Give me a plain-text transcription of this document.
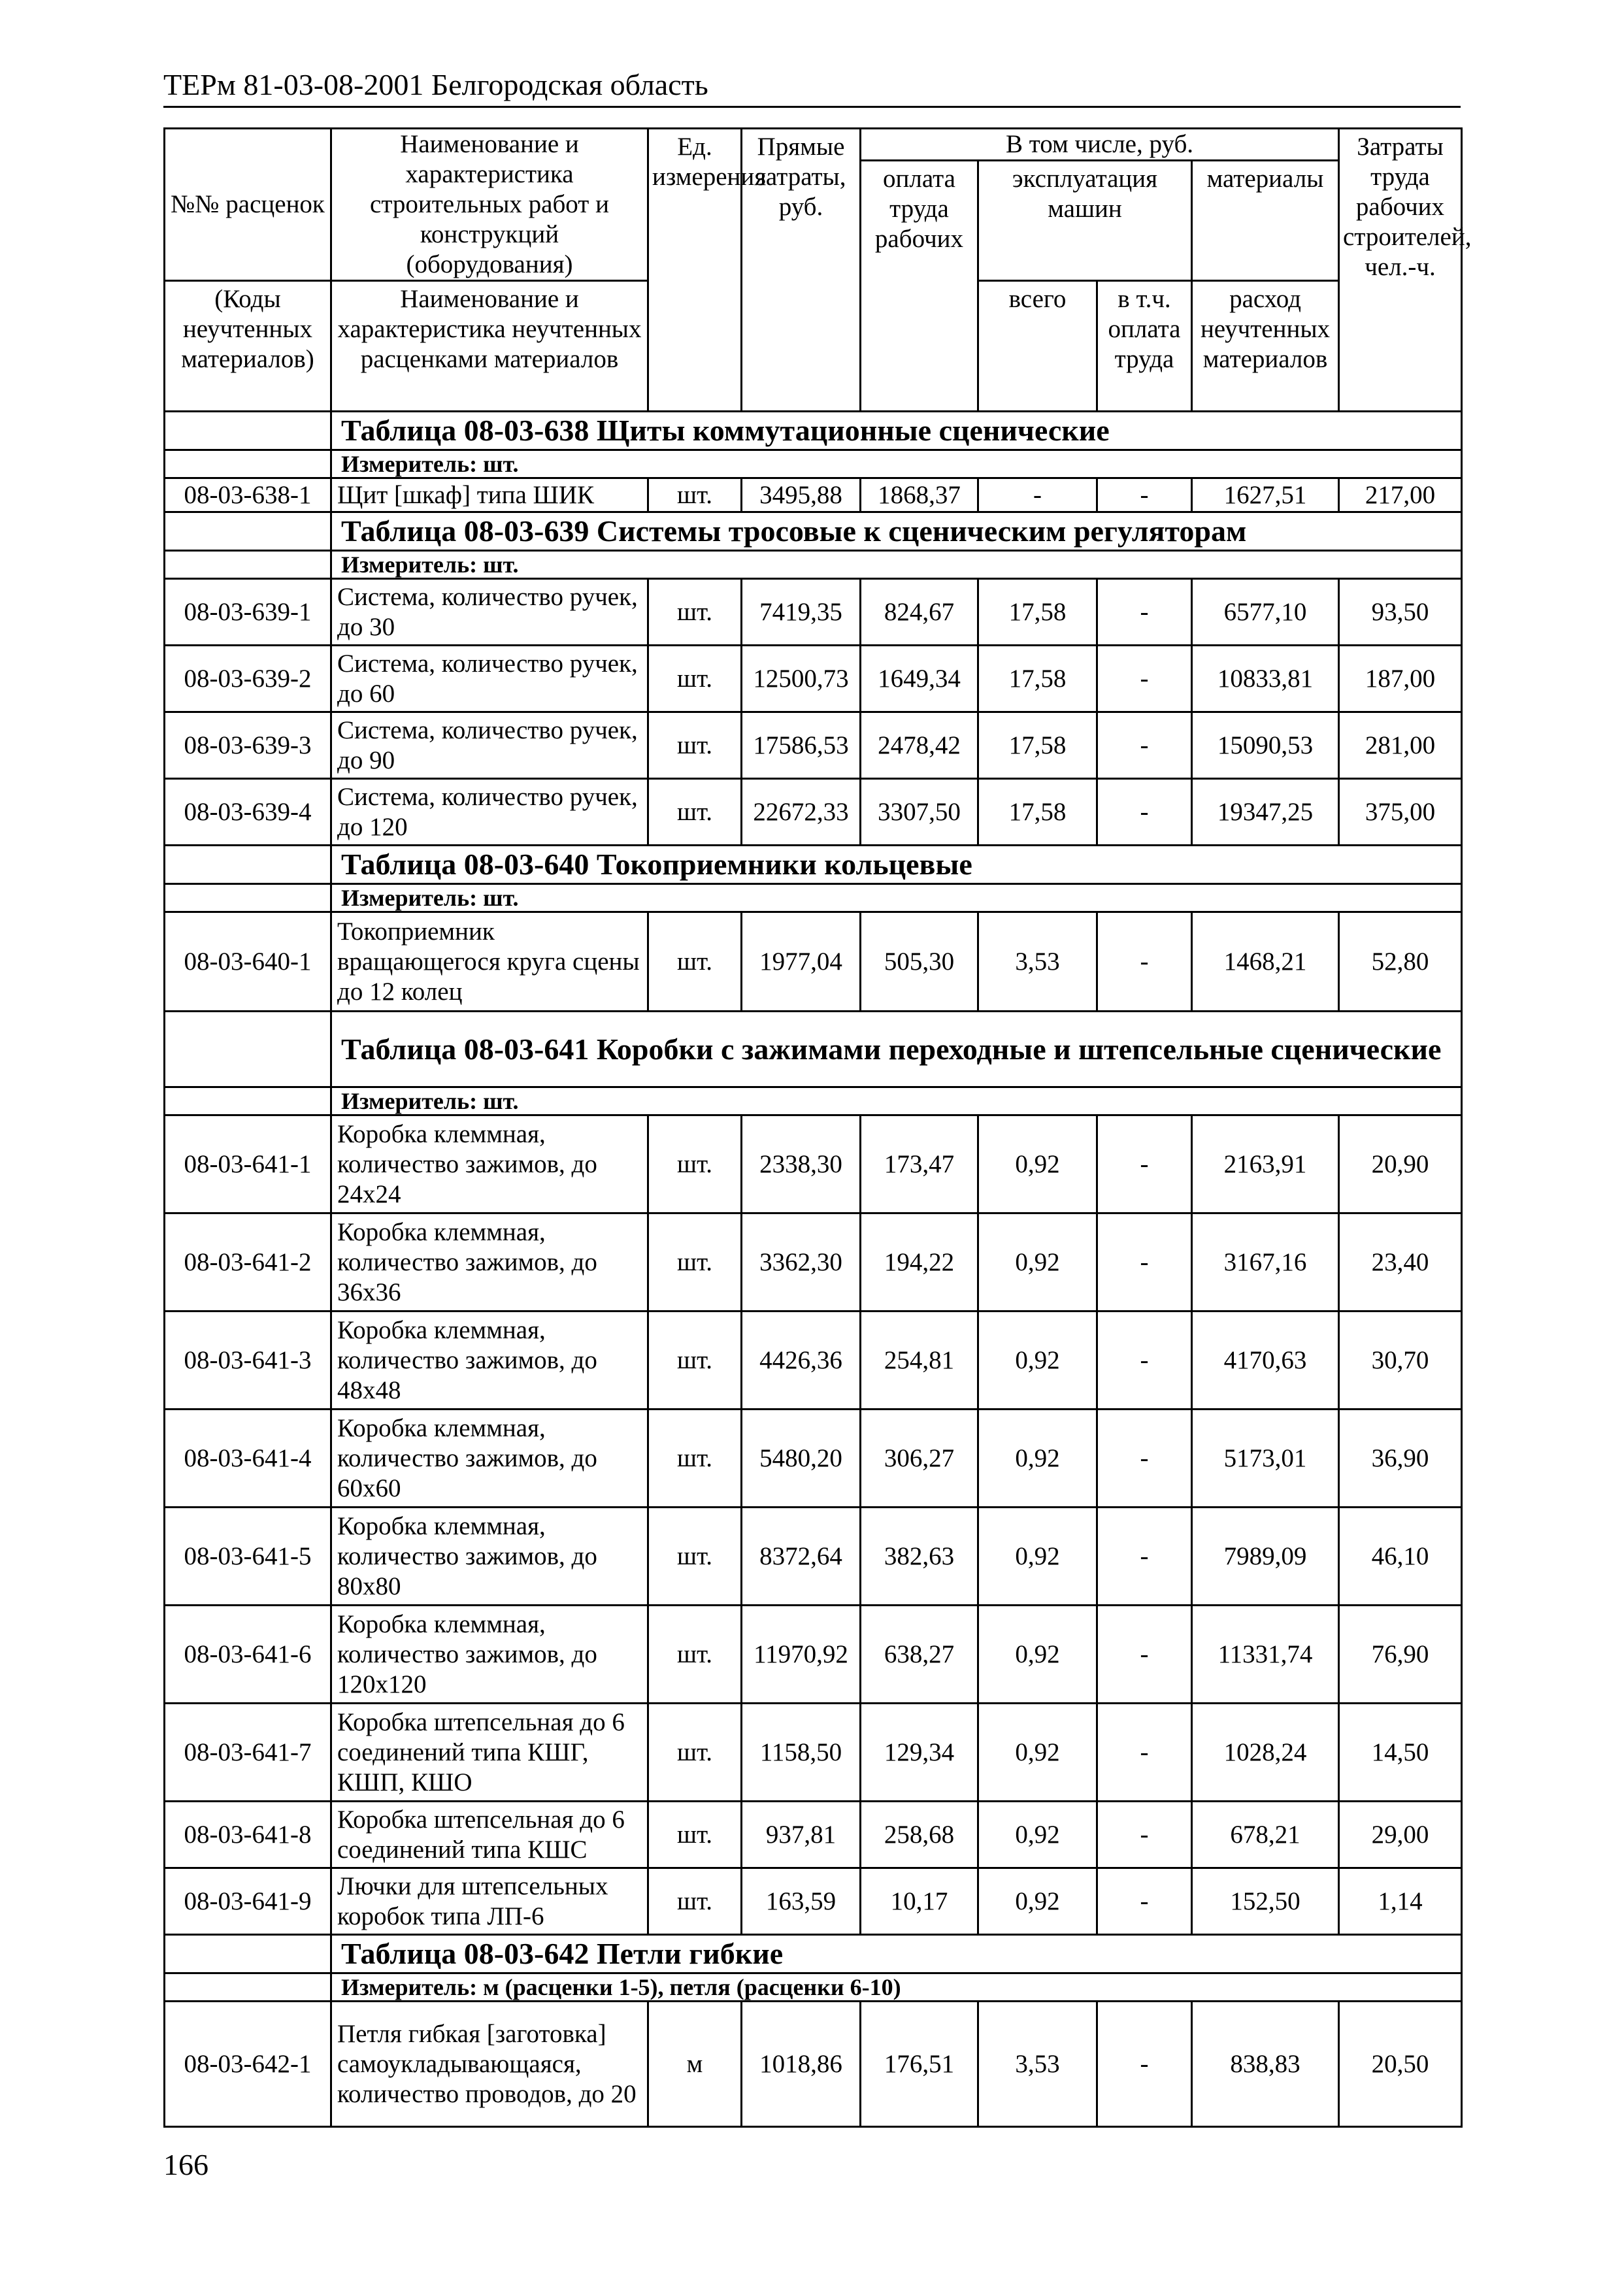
ТЕРм 81-03-08-2001 Белгородская область
№№ расценок	Наименование и характеристика строительных работ и конструкций (оборудования)	Ед. измерения	Прямые затраты, руб.	В том числе, руб.				Затраты труда рабочих строителей, чел.-ч.
				оплата труда рабочих	эксплуатация машин		материалы	
(Коды неучтенных материалов)	Наименование и характеристика неучтенных расценками материалов				всего	в т.ч. оплата труда	расход неучтенных материалов	
	Таблица 08-03-638 Щиты коммутационные сценические							
	Измеритель: шт.							
08-03-638-1	Щит [шкаф] типа ШИК	шт.	3495,88	1868,37	-	-	1627,51	217,00
	Таблица 08-03-639 Системы тросовые к сценическим регуляторам							
	Измеритель: шт.							
08-03-639-1	Система, количество ручек, до 30	шт.	7419,35	824,67	17,58	-	6577,10	93,50
08-03-639-2	Система, количество ручек, до 60	шт.	12500,73	1649,34	17,58	-	10833,81	187,00
08-03-639-3	Система, количество ручек, до 90	шт.	17586,53	2478,42	17,58	-	15090,53	281,00
08-03-639-4	Система, количество ручек, до 120	шт.	22672,33	3307,50	17,58	-	19347,25	375,00
	Таблица 08-03-640 Токоприемники кольцевые							
	Измеритель: шт.							
08-03-640-1	Токоприемник вращающегося круга сцены до 12 колец	шт.	1977,04	505,30	3,53	-	1468,21	52,80
	Таблица 08-03-641 Коробки с зажимами переходные и штепсельные сценические							
	Измеритель: шт.							
08-03-641-1	Коробка клеммная, количество зажимов, до 24х24	шт.	2338,30	173,47	0,92	-	2163,91	20,90
08-03-641-2	Коробка клеммная, количество зажимов, до 36х36	шт.	3362,30	194,22	0,92	-	3167,16	23,40
08-03-641-3	Коробка клеммная, количество зажимов, до 48х48	шт.	4426,36	254,81	0,92	-	4170,63	30,70
08-03-641-4	Коробка клеммная, количество зажимов, до 60х60	шт.	5480,20	306,27	0,92	-	5173,01	36,90
08-03-641-5	Коробка клеммная, количество зажимов, до 80х80	шт.	8372,64	382,63	0,92	-	7989,09	46,10
08-03-641-6	Коробка клеммная, количество зажимов, до 120х120	шт.	11970,92	638,27	0,92	-	11331,74	76,90
08-03-641-7	Коробка штепсельная до 6 соединений типа КШГ, КШП, КШО	шт.	1158,50	129,34	0,92	-	1028,24	14,50
08-03-641-8	Коробка штепсельная до 6 соединений типа КШС	шт.	937,81	258,68	0,92	-	678,21	29,00
08-03-641-9	Лючки для штепсельных коробок типа ЛП-6	шт.	163,59	10,17	0,92	-	152,50	1,14
	Таблица 08-03-642 Петли гибкие							
	Измеритель: м (расценки 1-5), петля (расценки 6-10)							
08-03-642-1	Петля гибкая [заготовка] самоукладывающаяся, количество проводов, до 20	м	1018,86	176,51	3,53	-	838,83	20,50
166
